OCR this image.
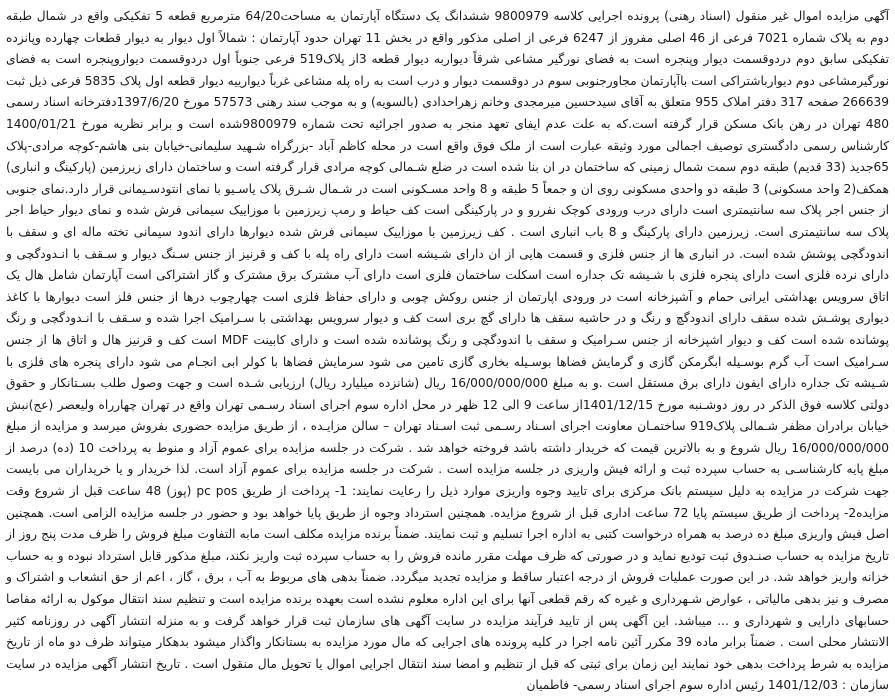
آگهی مزایده اموال غیر منقول (اسناد رهنی) پرونده اجرایی کلاسه 9800979 ششدانگ یک دستگاه آپارتمان به مساحت64/20 مترمربع قطعه 5 تفکیکی واقع در شمال طبقه دوم به پلاک شماره 7021 فرعی از 46 اصلی مفروز از 6247 فرعی از اصلی مذکور واقع در بخش 11 تهران حدود آپارتمان : شمالاً اول دیوار به دیوار قطعات چهارده وپانزده تفکیکی سابق دوم دردوقسمت دیوار وپنجره است به فضای نورگیر مشاعی شرقاً دیواربه دیوار قطعه 3از پلاک519 فرعی جنوباً اول دردوقسمت دیواروپنجره است به فضای نورگیرمشاعی دوم دیوارباشتراکی است باآپارتمان مجاورجنوبی سوم در دوقسمت دیوار و درب است به راه پله مشاعی غرباً دیوارییه دیوار قطعه اول پلاک 5835 فرعی ذیل ثبت 266639 صفحه 317 دفتر املاک 955 متعلق به آقای سیدحسین میرمجدی وخانم زهراحدادی (بالسویه) و به موجب سند رهنی 57573 مورخ 1397/6/20دفترخانه اسناد رسمی 480 تهران در رهن بانک مسکن قرار گرفته است.که به علت عدم ایفای تعهد منجر به صدور اجرائیه تحت شماره 9800979شده است و برابر نظریه مورخ 1400/01/21 کارشناس رسمی دادگستری توصیف اجمالی مورد وثیقه عبارت است از ملک فوق واقع است در محله کاظم آباد -بزرگراه شـهید سلیمانی-خیابان بنی هاشم-کوچه مرادی-پلاک 65جدید (33 قدیم) طبقه دوم سمت شمال زمینی که ساختمان در ان بنا شده است در ضلع شـمالی کوچه مرادی قرار گرفته است و ساختمان دارای زیرزمین (پارکینگ و انباری) همکف(2 واحد مسکونی) 3 طبقه دو واحدی مسکونی روی ان و جمعاً 5 طبقه و 8 واحد مسـکونی است در شـمال شـرق پلاک یاسـیو با نمای انتودسـیمانی قرار دارد.نمای جنوبی از جنس اجر پلاک سه سانتیمتری است دارای درب ورودی کوچک نفررو و در پارکینگی است کف حیاط و رمپ زیرزمین با موزاییک سیمانی فرش شده و نمای دیوار حیاط اجر پلاک سه سانتیمتری است. زیرزمین دارای پارکینگ و 8 باب انباری است . کف زیرزمین با موزاییک سیمانی فرش شده دیوارها دارای اندود سیمانی تخته ماله ای و سقف با اندودگچی پوشش شده است. در انباری ها از جنس فلزی و قسمت هایی از ان دارای شـیشه است دارای راه پله با کف و قرنیز از جنس سـنگ دیوار و سـقف با انـدودگچی و دارای نرده فلزی است دارای پنجره فلزی با شـیشه تک جداره است اسکلت ساختمان فلزی است دارای آب مشترک برق مشترک و گاز اشتراکی است آپارتمان شامل هال یک اتاق سرویس بهداشتی ایرانی حمام و آشپزخانه است در ورودی اپارتمان از جنس روکش چوبی و دارای حفاظ فلزی است چهارچوب درها از جنس فلز است دیوارها با کاغذ دیواری پوشـش شده سقف دارای اندودگچ و رنگ و در حاشیه سقف ها دارای گچ بری است کف و دیوار سرویس بهداشتی با سـرامیک اجرا شده و سـقف با انـدودگچی و رنگ پوشانده شده است کف و دیوار اشپزخانه از جنس سـرامیک و سقف با اندودگچی و رنگ پوشانده شده است و دارای کابینت MDF است کف و قرنیز هال و اتاق ها از جنس سـرامیک است آب گرم بوسـیله ابگرمکن گازی و گرمایش فضاها بوسـیله بخاری گازی تامین می شود سرمایش فضاها با کولر ابی انجـام می شود دارای پنجره های فلزی با شـیشه تک جداره دارای ایفون دارای برق مستقل است .و به مبلغ 16/000/000/000 ریال (شانزده میلیارد ریال) ارزیابی شـده است و جهت وصول طلب بسـتانکار و حقوق دولتی کلاسه فوق الذکر در روز دوشـنبه مورخ 1401/12/15از ساعت 9 الی 12 ظهر در محل اداره سوم اجرای اسناد رسـمی تهران واقع در تهران چهارراه ولیعصر (عج)نبش خیابان برادران مظفر شـمالی پلاک919 ساختمـان معاونت اجرای اسـناد رسـمی ثبت اسـناد تهران – سالن مزایـده ، از طریق مزایده حضوری بفروش میرسد و مزایده از مبلغ 16/000/000/000 ریال شروع و به بالاترین قیمت که خریدار داشته باشد فروخته خواهد شد . شرکت در جلسه مزایده برای عموم آزاد و منوط به پرداخت 10 (ده) درصد از مبلغ پایه کارشناسـی به حساب سپرده ثبت و ارائه فیش واریزی در جلسه مزایده است . شرکت در جلسه مزایده برای عموم آزاد است. لذا خریدار و یا خریداران می بایست جهت شرکت در مزایده به دلیل سیستم بانک مرکزی برای تایید وجوه واریزی موارد ذیل را رعایت نمایند: 1- پرداخت از طریق pc pos (پوز) 48 ساعت قبل از شروع وقت مزایده2- پرداخت از طریق سیستم پایا 72 ساعت اداری قبل از شروع مزایده. همچنین استرداد وجوه از طریق پایا خواهد بود و حضور در جلسه مزایده الزامی است. همچنین اصل فیش واریزی مبلغ ده درصد به همراه درخواست کتبی به اداره اجرا تسلیم و ثبت نمایند. ضمناً برنده مزایده مکلف است مابه التفاوت مبلغ فروش را ظرف مدت پنج روز از تاریخ مزایده به حساب صنـدوق ثبت تودیع نماید و در صورتی که ظرف مهلت مقرر مانده فروش را به حساب سپرده ثبت واریز نکند، مبلغ مذکور قابل استرداد نبوده و به حساب خزانه واریز خواهد شد. در این صورت عملیات فروش از درجه اعتبار ساقط و مزایده تجدید میگردد. ضمناً بدهی های مربوط به آب ، برق ، گاز ، اعم از حق انشعاب و اشتراک و مصرف و نیز بدهی مالیاتی ، عوارض شـهرداری و غیره که رقم قطعی آنها برای این اداره معلوم نشده است بعهده برنده مزایده است و تنظیم سند انتقال موکول به ارائه مفاصا حسابهای دارایی و شهرداری و ... میباشد. این آگهی پس از تایید فرآیند مزایده در سایت آگهی های سازمان ثبت قرار خواهد گرفت و به منزله انتشار آگهی در روزنامه کثیر الانتشار محلی است . ضمناً برابر ماده 39 مکرر آئین نامه اجرا در کلیه پرونده های اجرایی که مال مورد مزایده به بستانکار واگذار میشود بدهکار میتواند ظرف دو ماه از تاریخ مزایده به شرط پرداخت بدهی خود نمایند این زمان برای ثبتی که قبل از تنظیم و امضا سند انتقال اجرایی اموال یا تحویل مال منقول است . تاریخ انتشار آگهی مزایده در سایت سازمان : 1401/12/03 رئیس اداره سوم اجرای اسناد رسمی- فاطمیان
